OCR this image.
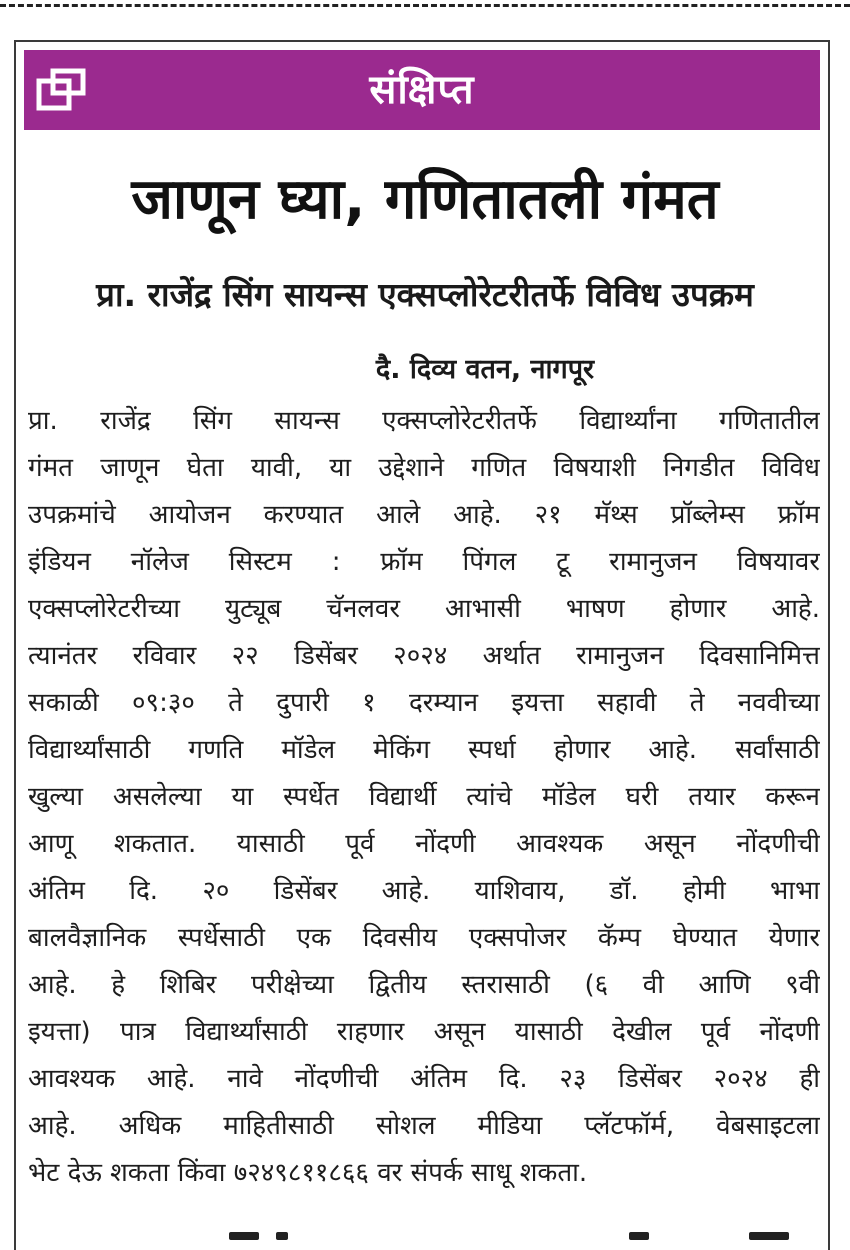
संक्षिप्त
जाणून घ्या, गणितातली गंमत
प्रा. राजेंद्र सिंग सायन्स एक्सप्लोरेटरीतर्फे विविध उपक्रम
दै. दिव्य वतन, नागपूर
प्रा. राजेंद्र सिंग सायन्स एक्सप्लोरेटरीतर्फे विद्यार्थ्यांना गणितातील
गंमत जाणून घेता यावी, या उद्देशाने गणित विषयाशी निगडीत विविध
उपक्रमांचे आयोजन करण्यात आले आहे. २१ मॅथ्स प्रॉब्लेम्स फ्रॉम
इंडियन नॉलेज सिस्टम : फ्रॉम पिंगल टू रामानुजन विषयावर
एक्सप्लोरेटरीच्या युट्यूब चॅनलवर आभासी भाषण होणार आहे.
त्यानंतर रविवार २२ डिसेंबर २०२४ अर्थात रामानुजन दिवसानिमित्त
सकाळी ०९:३० ते दुपारी १ दरम्यान इयत्ता सहावी ते नववीच्या
विद्यार्थ्यांसाठी गणति मॉडेल मेकिंग स्पर्धा होणार आहे. सर्वांसाठी
खुल्या असलेल्या या स्पर्धेत विद्यार्थी त्यांचे मॉडेल घरी तयार करून
आणू शकतात. यासाठी पूर्व नोंदणी आवश्यक असून नोंदणीची
अंतिम दि. २० डिसेंबर आहे. याशिवाय, डॉ. होमी भाभा
बालवैज्ञानिक स्पर्धेसाठी एक दिवसीय एक्सपोजर कॅम्प घेण्यात येणार
आहे. हे शिबिर परीक्षेच्या द्वितीय स्तरासाठी (६ वी आणि ९वी
इयत्ता) पात्र विद्यार्थ्यांसाठी राहणार असून यासाठी देखील पूर्व नोंदणी
आवश्यक आहे. नावे नोंदणीची अंतिम दि. २३ डिसेंबर २०२४ ही
आहे. अधिक माहितीसाठी सोशल मीडिया प्लॅटफॉर्म, वेबसाइटला
भेट देऊ शकता किंवा ७२४९८११८६६ वर संपर्क साधू शकता.
